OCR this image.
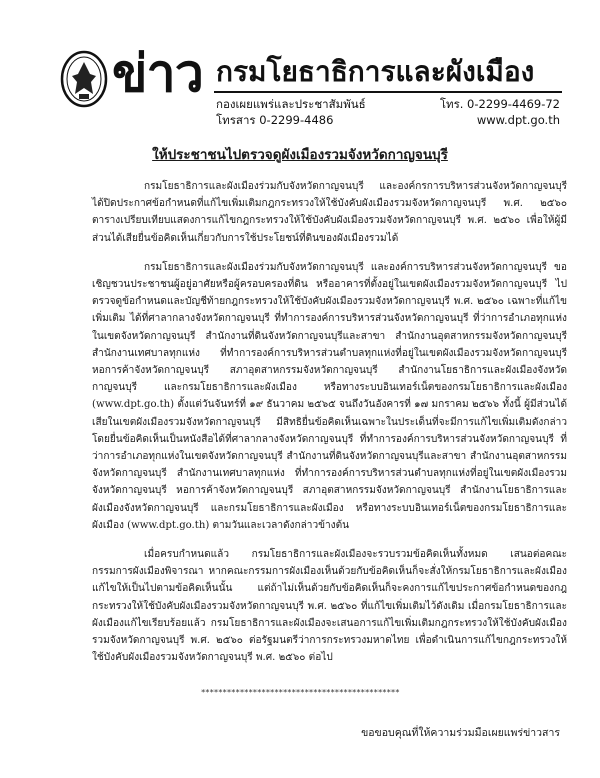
ข่าว กรมโยธาธิการและผังเมือง
กองเผยแพร่และประชาสัมพันธ์
โทรสาร 0-2299-4486
โทร. 0-2299-4469-72
www.dpt.go.th
ให้ประชาชนไปตรวจดูผังเมืองรวมจังหวัดกาญจนบุรี

กรมโยธาธิการและผังเมืองร่วมกับจังหวัดกาญจนบุรี และองค์กรการบริหารส่วนจังหวัดกาญจนบุรี ได้ปิดประกาศข้อกำหนดที่แก้ไขเพิ่มเติมกฎกระทรวงให้ใช้บังคับผังเมืองรวมจังหวัดกาญจนบุรี พ.ศ. ๒๕๖๐ ตารางเปรียบเทียบแสดงการแก้ไขกฎกระทรวงให้ใช้บังคับผังเมืองรวมจังหวัดกาญจนบุรี พ.ศ. ๒๕๖๐ เพื่อให้ผู้มีส่วนได้เสียยื่นข้อคิดเห็นเกี่ยวกับการใช้ประโยชน์ที่ดินของผังเมืองรวมได้

กรมโยธาธิการและผังเมืองร่วมกับจังหวัดกาญจนบุรี และองค์การบริหารส่วนจังหวัดกาญจนบุรี ขอเชิญชวนประชาชนผู้อยู่อาศัยหรือผู้ครอบครองที่ดิน หรืออาคารที่ตั้งอยู่ในเขตผังเมืองรวมจังหวัดกาญจนบุรี ไปตรวจดูข้อกำหนดและบัญชีท้ายกฎกระทรวงให้ใช้บังคับผังเมืองรวมจังหวัดกาญจนบุรี พ.ศ. ๒๕๖๐ เฉพาะที่แก้ไขเพิ่มเติม ได้ที่ศาลากลางจังหวัดกาญจนบุรี ที่ทำการองค์การบริหารส่วนจังหวัดกาญจนบุรี ที่ว่าการอำเภอทุกแห่งในเขตจังหวัดกาญจนบุรี สำนักงานที่ดินจังหวัดกาญจนบุรีและสาขา สำนักงานอุตสาหกรรมจังหวัดกาญจนบุรี สำนักงานเทศบาลทุกแห่ง ที่ทำการองค์การบริหารส่วนตำบลทุกแห่งที่อยู่ในเขตผังเมืองรวมจังหวัดกาญจนบุรี หอการค้าจังหวัดกาญจนบุรี สภาอุตสาหกรรมจังหวัดกาญจนบุรี สำนักงานโยธาธิการและผังเมืองจังหวัดกาญจนบุรี และกรมโยธาธิการและผังเมือง หรือทางระบบอินเทอร์เน็ตของกรมโยธาธิการและผังเมือง (www.dpt.go.th) ตั้งแต่วันจันทร์ที่ ๑๙ ธันวาคม ๒๕๖๕ จนถึงวันอังคารที่ ๑๗ มกราคม ๒๕๖๖ ทั้งนี้ ผู้มีส่วนได้เสียในเขตผังเมืองรวมจังหวัดกาญจนบุรี มีสิทธิยื่นข้อคิดเห็นเฉพาะในประเด็นที่จะมีการแก้ไขเพิ่มเติมดังกล่าว โดยยื่นข้อคิดเห็นเป็นหนังสือได้ที่ศาลากลางจังหวัดกาญจนบุรี ที่ทำการองค์การบริหารส่วนจังหวัดกาญจนบุรี ที่ว่าการอำเภอทุกแห่งในเขตจังหวัดกาญจนบุรี สำนักงานที่ดินจังหวัดกาญจนบุรีและสาขา สำนักงานอุตสาหกรรมจังหวัดกาญจนบุรี สำนักงานเทศบาลทุกแห่ง ที่ทำการองค์การบริหารส่วนตำบลทุกแห่งที่อยู่ในเขตผังเมืองรวมจังหวัดกาญจนบุรี หอการค้าจังหวัดกาญจนบุรี สภาอุตสาหกรรมจังหวัดกาญจนบุรี สำนักงานโยธาธิการและผังเมืองจังหวัดกาญจนบุรี และกรมโยธาธิการและผังเมือง หรือทางระบบอินเทอร์เน็ตของกรมโยธาธิการและผังเมือง (www.dpt.go.th) ตามวันและเวลาดังกล่าวข้างต้น

เมื่อครบกำหนดแล้ว กรมโยธาธิการและผังเมืองจะรวบรวมข้อคิดเห็นทั้งหมด เสนอต่อคณะกรรมการผังเมืองพิจารณา หากคณะกรรมการผังเมืองเห็นด้วยกับข้อคิดเห็นก็จะสั่งให้กรมโยธาธิการและผังเมืองแก้ไขให้เป็นไปตามข้อคิดเห็นนั้น แต่ถ้าไม่เห็นด้วยกับข้อคิดเห็นก็จะคงการแก้ไขประกาศข้อกำหนดของกฎกระทรวงให้ใช้บังคับผังเมืองรวมจังหวัดกาญจนบุรี พ.ศ. ๒๕๖๐ ที่แก้ไขเพิ่มเติมไว้ดังเดิม เมื่อกรมโยธาธิการและผังเมืองแก้ไขเรียบร้อยแล้ว กรมโยธาธิการและผังเมืองจะเสนอการแก้ไขเพิ่มเติมกฎกระทรวงให้ใช้บังคับผังเมืองรวมจังหวัดกาญจนบุรี พ.ศ. ๒๕๖๐ ต่อรัฐมนตรีว่าการกระทรวงมหาดไทย เพื่อดำเนินการแก้ไขกฎกระทรวงให้ใช้บังคับผังเมืองรวมจังหวัดกาญจนบุรี พ.ศ. ๒๕๖๐ ต่อไป

**********************************************
ขอขอบคุณที่ให้ความร่วมมือเผยแพร่ข่าวสาร
